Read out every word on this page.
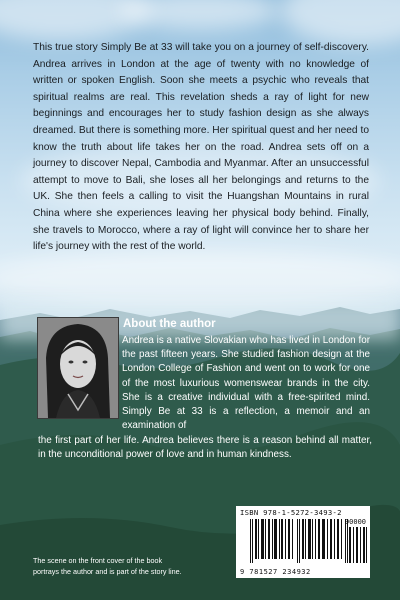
This true story Simply Be at 33 will take you on a journey of self-discovery. Andrea arrives in London at the age of twenty with no knowledge of written or spoken English. Soon she meets a psychic who reveals that spiritual realms are real. This revelation sheds a ray of light for new beginnings and encourages her to study fashion design as she always dreamed. But there is something more. Her spiritual quest and her need to know the truth about life takes her on the road. Andrea sets off on a journey to discover Nepal, Cambodia and Myanmar. After an unsuccessful attempt to move to Bali, she loses all her belongings and returns to the UK. She then feels a calling to visit the Huangshan Mountains in rural China where she experiences leaving her physical body behind. Finally, she travels to Morocco, where a ray of light will convince her to share her life's journey with the rest of the world.

About the author

Andrea is a native Slovakian who has lived in London for the past fifteen years. She studied fashion design at the London College of Fashion and went on to work for one of the most luxurious womenswear brands in the city. She is a creative individual with a free-spirited mind. Simply Be at 33 is a reflection, a memoir and an examination of

the first part of her life. Andrea believes there is a reason behind all matter, in the unconditional power of love and in human kindness.

The scene on the front cover of the book portrays the author and is part of the story line.

ISBN 978-1-5272-3493-2

90000
9 781527 234932
